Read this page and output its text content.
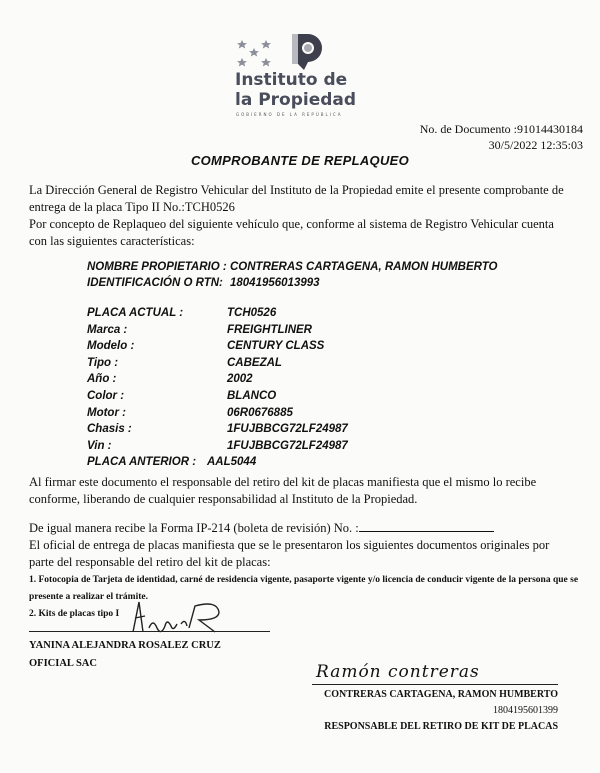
Instituto de
la Propiedad
GOBIERNO DE LA REPÚBLICA
No. de Documento :91014430184
30/5/2022 12:35:03
COMPROBANTE DE REPLAQUEO
La Dirección General de Registro Vehicular del Instituto de la Propiedad emite el presente comprobante de
entrega de la placa Tipo II No.:TCH0526
Por concepto de Replaqueo del siguiente vehículo que, conforme al sistema de Registro Vehicular cuenta
con las siguientes características:
NOMBRE PROPIETARIO : CONTRERAS CARTAGENA, RAMON HUMBERTO
IDENTIFICACIÓN O RTN: 18041956013993
PLACA ACTUAL :	TCH0526
Marca :	FREIGHTLINER
Modelo :	CENTURY CLASS
Tipo :	CABEZAL
Año :	2002
Color :	BLANCO
Motor :	06R0676885
Chasis :	1FUJBBCG72LF24987
Vin :	1FUJBBCG72LF24987
PLACA ANTERIOR : AAL5044
Al firmar este documento el responsable del retiro del kit de placas manifiesta que el mismo lo recibe
conforme, liberando de cualquier responsabilidad al Instituto de la Propiedad.
De igual manera recibe la Forma IP-214 (boleta de revisión) No. :
El oficial de entrega de placas manifiesta que se le presentaron los siguientes documentos originales por
parte del responsable del retiro del kit de placas:
1. Fotocopia de Tarjeta de identidad, carné de residencia vigente, pasaporte vigente y/o licencia de conducir vigente de la persona que se
presente a realizar el trámite.
2. Kits de placas tipo I
YANINA ALEJANDRA ROSALEZ CRUZ
OFICIAL SAC	Ramón contreras
CONTRERAS CARTAGENA, RAMON HUMBERTO
1804195601399
RESPONSABLE DEL RETIRO DE KIT DE PLACAS
